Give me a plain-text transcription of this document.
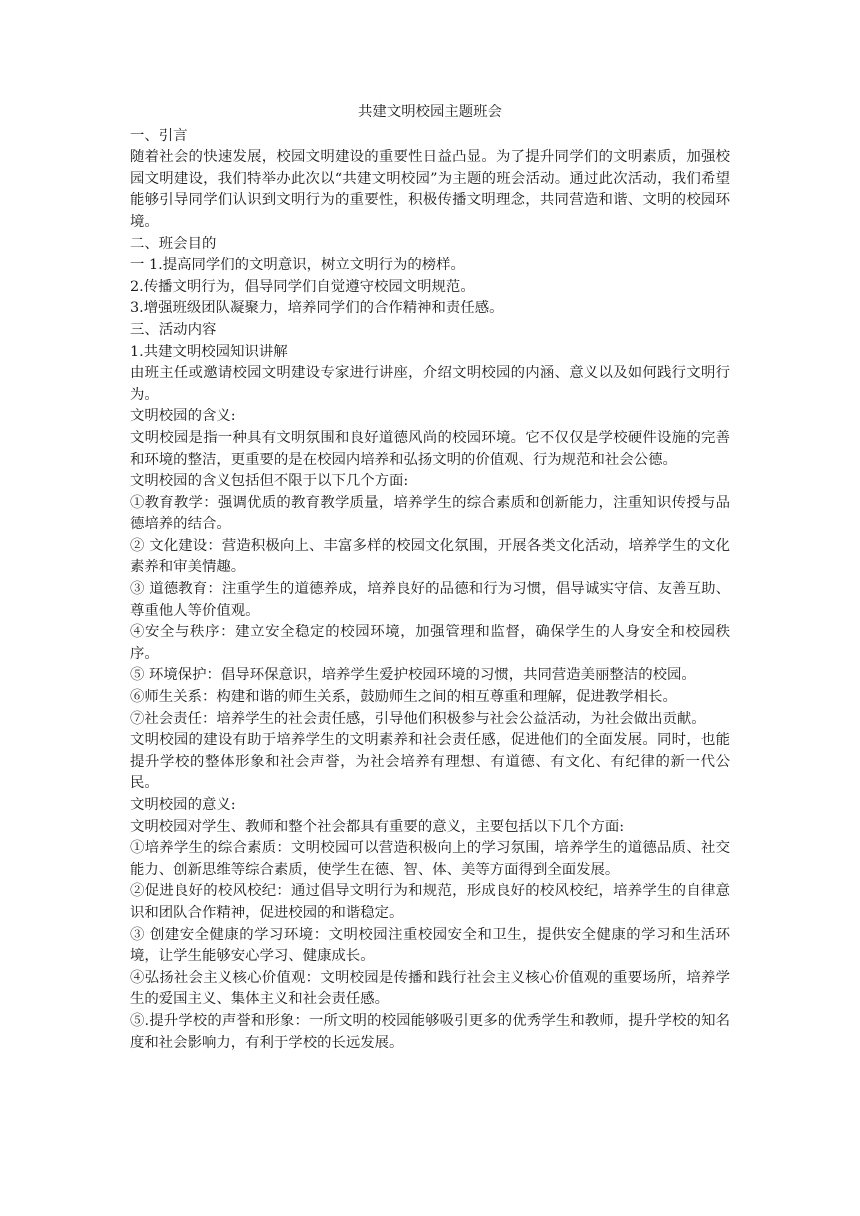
共建文明校园主题班会

一、引言

随着社会的快速发展，校园文明建设的重要性日益凸显。为了提升同学们的文明素质，加强校园文明建设，我们特举办此次以“共建文明校园”为主题的班会活动。通过此次活动，我们希望能够引导同学们认识到文明行为的重要性，积极传播文明理念，共同营造和谐、文明的校园环境。

二、班会目的

一 1.提高同学们的文明意识，树立文明行为的榜样。

2.传播文明行为，倡导同学们自觉遵守校园文明规范。

3.增强班级团队凝聚力，培养同学们的合作精神和责任感。

三、活动内容

1.共建文明校园知识讲解

由班主任或邀请校园文明建设专家进行讲座，介绍文明校园的内涵、意义以及如何践行文明行为。

文明校园的含义:

文明校园是指一种具有文明氛围和良好道德风尚的校园环境。它不仅仅是学校硬件设施的完善和环境的整洁，更重要的是在校园内培养和弘扬文明的价值观、行为规范和社会公德。

文明校园的含义包括但不限于以下几个方面:

①教育教学：强调优质的教育教学质量，培养学生的综合素质和创新能力，注重知识传授与品德培养的结合。

② 文化建设：营造积极向上、丰富多样的校园文化氛围，开展各类文化活动，培养学生的文化素养和审美情趣。

③ 道德教育：注重学生的道德养成，培养良好的品德和行为习惯，倡导诚实守信、友善互助、尊重他人等价值观。

④安全与秩序：建立安全稳定的校园环境，加强管理和监督，确保学生的人身安全和校园秩序。

⑤ 环境保护：倡导环保意识，培养学生爱护校园环境的习惯，共同营造美丽整洁的校园。

⑥师生关系：构建和谐的师生关系，鼓励师生之间的相互尊重和理解，促进教学相长。

⑦社会责任：培养学生的社会责任感，引导他们积极参与社会公益活动，为社会做出贡献。

文明校园的建设有助于培养学生的文明素养和社会责任感，促进他们的全面发展。同时，也能提升学校的整体形象和社会声誉，为社会培养有理想、有道德、有文化、有纪律的新一代公民。

文明校园的意义:

文明校园对学生、教师和整个社会都具有重要的意义，主要包括以下几个方面:

①培养学生的综合素质：文明校园可以营造积极向上的学习氛围，培养学生的道德品质、社交能力、创新思维等综合素质，使学生在德、智、体、美等方面得到全面发展。

②促进良好的校风校纪：通过倡导文明行为和规范，形成良好的校风校纪，培养学生的自律意识和团队合作精神，促进校园的和谐稳定。

③ 创建安全健康的学习环境：文明校园注重校园安全和卫生，提供安全健康的学习和生活环境，让学生能够安心学习、健康成长。

④弘扬社会主义核心价值观：文明校园是传播和践行社会主义核心价值观的重要场所，培养学生的爱国主义、集体主义和社会责任感。

⑤.提升学校的声誉和形象：一所文明的校园能够吸引更多的优秀学生和教师，提升学校的知名度和社会影响力，有利于学校的长远发展。
